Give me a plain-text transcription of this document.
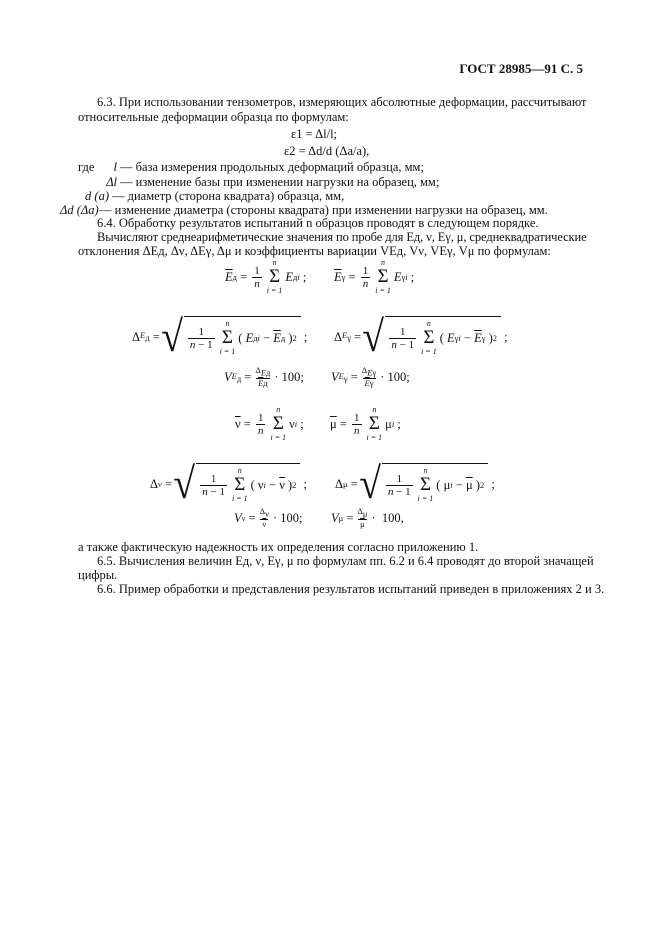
ГОСТ 28985—91 С. 5
6.3. При использовании тензометров, измеряющих абсолютные деформации, рассчитывают
относительные деформации образца по формулам:
ε1 = Δl/l;
ε2 = Δd/d (Δa/a),
где	l — база измерения продольных деформаций образца, мм;
Δl — изменение базы при изменении нагрузки на образец, мм;
d (a) — диаметр (сторона квадрата) образца, мм,
Δd (Δa) — изменение диаметра (стороны квадрата) при изменении нагрузки на образец, мм.
6.4. Обработку результатов испытаний n образцов проводят в следующем порядке.
Вычисляют среднеарифметические значения по пробе для Eд, ν, Eγ, μ, среднеквадратические
отклонения ΔEд, Δν, ΔEγ, Δμ и коэффициенты вариации VEд, Vν, VEγ, Vμ по формулам:
$\overline{E}$ $д = \frac{1}{n}$
n
Σ
i = 1
E дi ; $\overline{E}$ $\gamma = \frac{1}{n}$
n
Σ
i = 1
E γi ;
Δ $E_д$ = √ $\frac{1}{n - 1}$
n
Σ
i = 1
( E дi − $\overline{E}$ д ) 2 ; Δ $E_\gamma$ = √ $\frac{1}{n - 1}$
n
Σ
i = 1
( E $\gamma i - \overline{E}$ γ ) 2 ;
V $E_д = \frac{\Delta_{Eд}}{\overline{E}д} \cdot 100$; V $E_\gamma = \frac{\Delta_{E\gamma}}{\overline{E}\gamma} \cdot 100$;
$\overline{\nu} = \frac{1}{n}$
n
Σ
i = 1
ν i ; $\overline{\mu} = \frac{1}{n}$
n
Σ
i = 1
μ i ;
Δ ν = √ $\frac{1}{n - 1}$
n
Σ
i = 1
( ν $i - \overline{\nu}$ ) 2 ; Δ μ = √ $\frac{1}{n - 1}$
n
Σ
i = 1
( μ $i - \overline{\mu}$ ) 2 ;
V $\nu = \frac{\Delta_\nu}{\nu} \cdot 100$; V $\mu = \frac{\Delta_\mu}{\mu} \cdot 100$,
а также фактическую надежность их определения согласно приложению 1.
6.5. Вычисления величин Eд, ν, Eγ, μ по формулам пп. 6.2 и 6.4 проводят до второй значащей
цифры.
6.6. Пример обработки и представления результатов испытаний приведен в приложениях 2 и 3.
